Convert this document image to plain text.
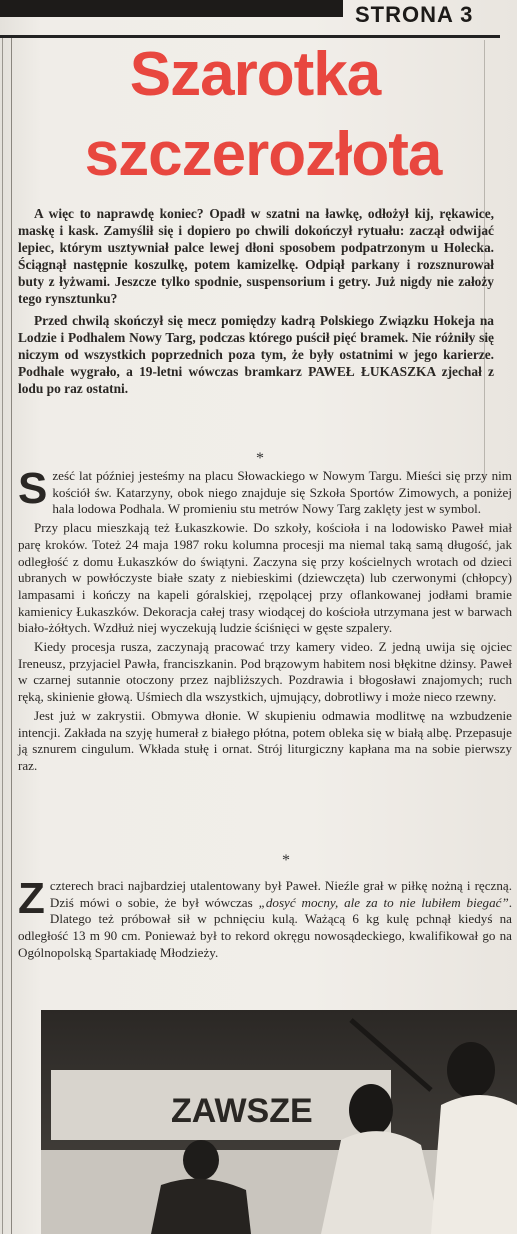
STRONA 3
Szarotka
szczerozłota

A więc to naprawdę koniec? Opadł w szatni na ławkę, odłożył kij, rękawice, maskę i kask. Zamyślił się i dopiero po chwili dokończył rytuału: zaczął odwijać lepiec, którym usztywniał palce lewej dłoni sposobem podpatrzonym u Holecka. Ściągnął następnie koszulkę, potem kamizelkę. Odpiął parkany i rozsznurował buty z łyżwami. Jeszcze tylko spodnie, suspensorium i getry. Już nigdy nie założy tego rynsztunku?

Przed chwilą skończył się mecz pomiędzy kadrą Polskiego Związku Hokeja na Lodzie i Podhalem Nowy Targ, podczas którego puścił pięć bramek. Nie różniły się niczym od wszystkich poprzednich poza tym, że były ostatnimi w jego karierze. Podhale wygrało, a 19-letni wówczas bramkarz PAWEŁ ŁUKASZKA zjechał z lodu po raz ostatni.

*

Sześć lat później jesteśmy na placu Słowackiego w Nowym Targu. Mieści się przy nim kościół św. Katarzyny, obok niego znajduje się Szkoła Sportów Zimowych, a poniżej hala lodowa Podhala. W promieniu stu metrów Nowy Targ zaklęty jest w symbol.

Przy placu mieszkają też Łukaszkowie. Do szkoły, kościoła i na lodowisko Paweł miał parę kroków. Toteż 24 maja 1987 roku kolumna procesji ma niemal taką samą długość, jak odległość z domu Łukaszków do świątyni. Zaczyna się przy kościelnych wrotach od dzieci ubranych w powłóczyste białe szaty z niebieskimi (dziewczęta) lub czerwonymi (chłopcy) lampasami i kończy na kapeli góralskiej, rzępolącej przy oflankowanej jodłami bramie kamienicy Łukaszków. Dekoracja całej trasy wiodącej do kościoła utrzymana jest w barwach biało-żółtych. Wzdłuż niej wyczekują ludzie ściśnięci w gęste szpalery.

Kiedy procesja rusza, zaczynają pracować trzy kamery video. Z jedną uwija się ojciec Ireneusz, przyjaciel Pawła, franciszkanin. Pod brązowym habitem nosi błękitne dżinsy. Paweł w czarnej sutannie otoczony przez najbliższych. Pozdrawia i błogosławi znajomych; ruch ręką, skinienie głową. Uśmiech dla wszystkich, ujmujący, dobrotliwy i może nieco rzewny.

Jest już w zakrystii. Obmywa dłonie. W skupieniu odmawia modlitwę na wzbudzenie intencji. Zakłada na szyję humerał z białego płótna, potem obleka się w białą albę. Przepasuje ją sznurem cingulum. Wkłada stułę i ornat. Strój liturgiczny kapłana ma na sobie pierwszy raz.

*

Zczterech braci najbardziej utalentowany był Paweł. Nieźle grał w piłkę nożną i ręczną. Dziś mówi o sobie, że był wówczas „dosyć mocny, ale za to nie lubiłem biegać”. Dlatego też próbował sił w pchnięciu kulą. Ważącą 6 kg kulę pchnął kiedyś na odległość 13 m 90 cm. Ponieważ był to rekord okręgu nowosądeckiego, kwalifikował go na Ogólnopolską Spartakiadę Młodzieży.

ZAWSZE
